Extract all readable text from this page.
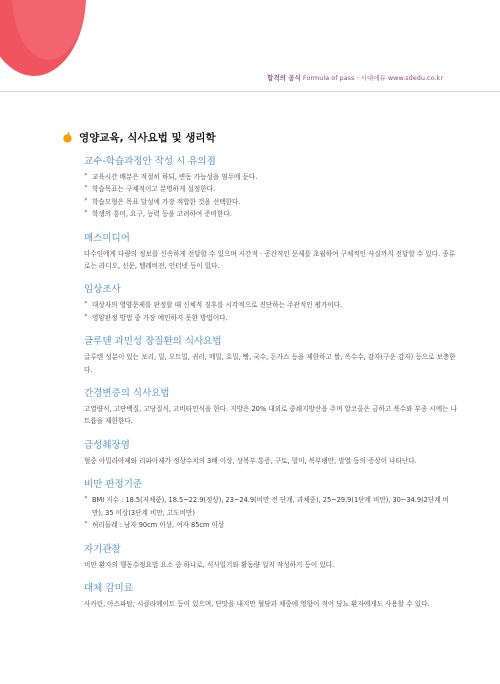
합격의 공식 Formula of pass · 시대에듀 www.sdedu.co.kr
영양교육, 식사요법 및 생리학
교수-학습과정안 작성 시 유의점
» 교육시간 배분은 적절히 하되, 변동 가능성을 염두에 둔다.
» 학습목표는 구체적이고 분명하게 설정한다.
» 학습모형은 목표 달성에 가장 적합한 것을 선택한다.
» 학생의 흥미, 요구, 능력 등을 고려하여 준비한다.
매스미디어

다수인에게 다량의 정보를 신속하게 전달할 수 있으며 시간적 · 공간적인 문제를 초월하여 구체적인 사실까지 전달할 수 있다. 종류로는 라디오, 신문, 텔레비전, 인터넷 등이 있다.

임상조사
» 대상자의 영양문제를 판정할 때 신체적 징후를 시각적으로 진단하는 주관적인 평가이다.
» 영양판정 방법 중 가장 예민하지 못한 방법이다.
글루텐 과민성 장질환의 식사요법

글루텐 성분이 있는 보리, 밀, 오트밀, 귀리, 메밀, 호밀, 빵, 국수, 돈가스 등을 제한하고 쌀, 옥수수, 감자(구운 감자) 등으로 보충한다.

간경변증의 식사요법

고열량식, 고단백질, 고당질식, 고비타민식을 한다. 지방은 20% 내외로 중쇄지방산을 주며 알코올은 금하고 복수와 부종 시에는 나트륨을 제한한다.

급성췌장염

혈중 아밀라아제와 리파아제가 정상수치의 3배 이상, 상복부 통증, 구토, 멀미, 복부팽만, 발열 등의 증상이 나타난다.

비만 판정기준
» BMI 지수 : 18.5(저체중), 18.5~22.9(정상), 23~24.9(비만 전 단계, 과체중), 25~29.9(1단계 비만), 30~34.9(2단계 비만), 35 이상(3단계 비만, 고도비만)
» 허리둘레 : 남자 90cm 이상, 여자 85cm 이상
자기관찰

비만 환자의 행동수정요법 요소 중 하나로, 식사일기와 활동량 일지 작성하기 등이 있다.

대체 감미료

사카린, 아스파탐, 시클라메이트 등이 있으며, 단맛을 내지만 혈당과 체중에 영향이 적어 당뇨 환자에게도 사용할 수 있다.
